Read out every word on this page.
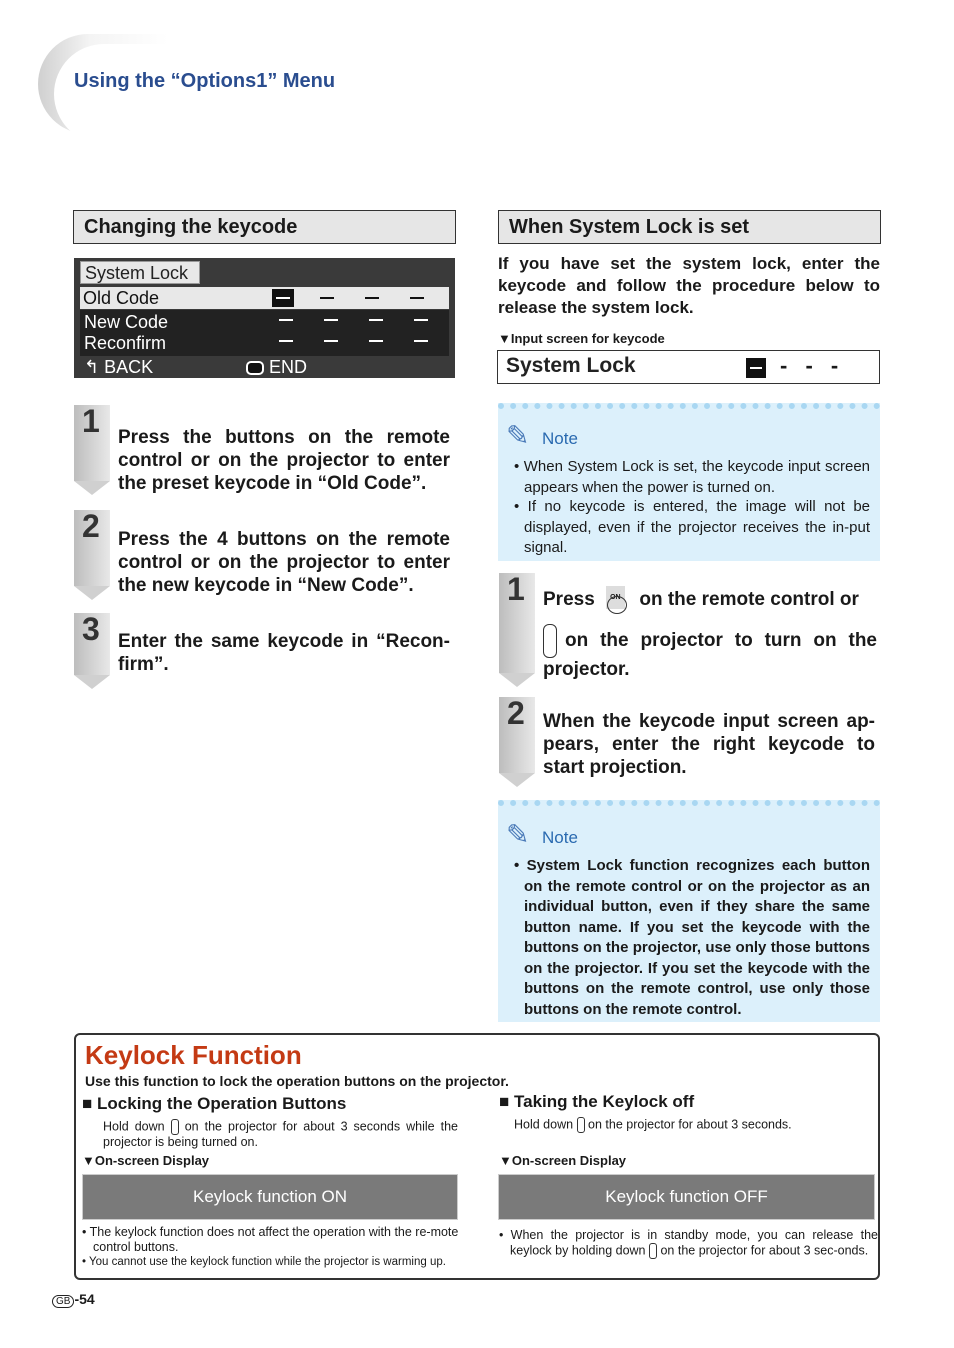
Using the “Options1” Menu
Changing the keycode
System Lock
Old Code
New Code
Reconfirm
↰ BACK	END
1 Press the buttons on the remote control or on the projector to enter the preset keycode in “Old Code”.
2 Press the 4 buttons on the remote control or on the projector to enter the new keycode in “New Code”.
3 Enter the same keycode in “Recon-firm”.
When System Lock is set
If you have set the system lock, enter the keycode and follow the procedure below to release the system lock.
▼Input screen for keycode
System Lock	- - -
✎ Note
• When System Lock is set, the keycode input screen appears when the power is turned on.
• If no keycode is entered, the image will not be displayed, even if the projector receives the in-put signal.
1 Press	ON on the remote control or
on the projector to turn on the projector.
2 When the keycode input screen ap-pears, enter the right keycode to start projection.
✎ Note
• System Lock function recognizes each button on the remote control or on the projector as an individual button, even if they share the same button name. If you set the keycode with the buttons on the projector, use only those buttons on the projector. If you set the keycode with the buttons on the remote control, use only those buttons on the remote control.
Keylock Function
Use this function to lock the operation buttons on the projector.
■ Locking the Operation Buttons
Hold down on the projector for about 3 seconds while the projector is being turned on.
▼On-screen Display
Keylock function ON
• The keylock function does not affect the operation with the re-mote control buttons.
• You cannot use the keylock function while the projector is warming up.
■ Taking the Keylock off
Hold down on the projector for about 3 seconds.
▼On-screen Display
Keylock function OFF
• When the projector is in standby mode, you can release the keylock by holding down on the projector for about 3 sec-onds.
GB -54
